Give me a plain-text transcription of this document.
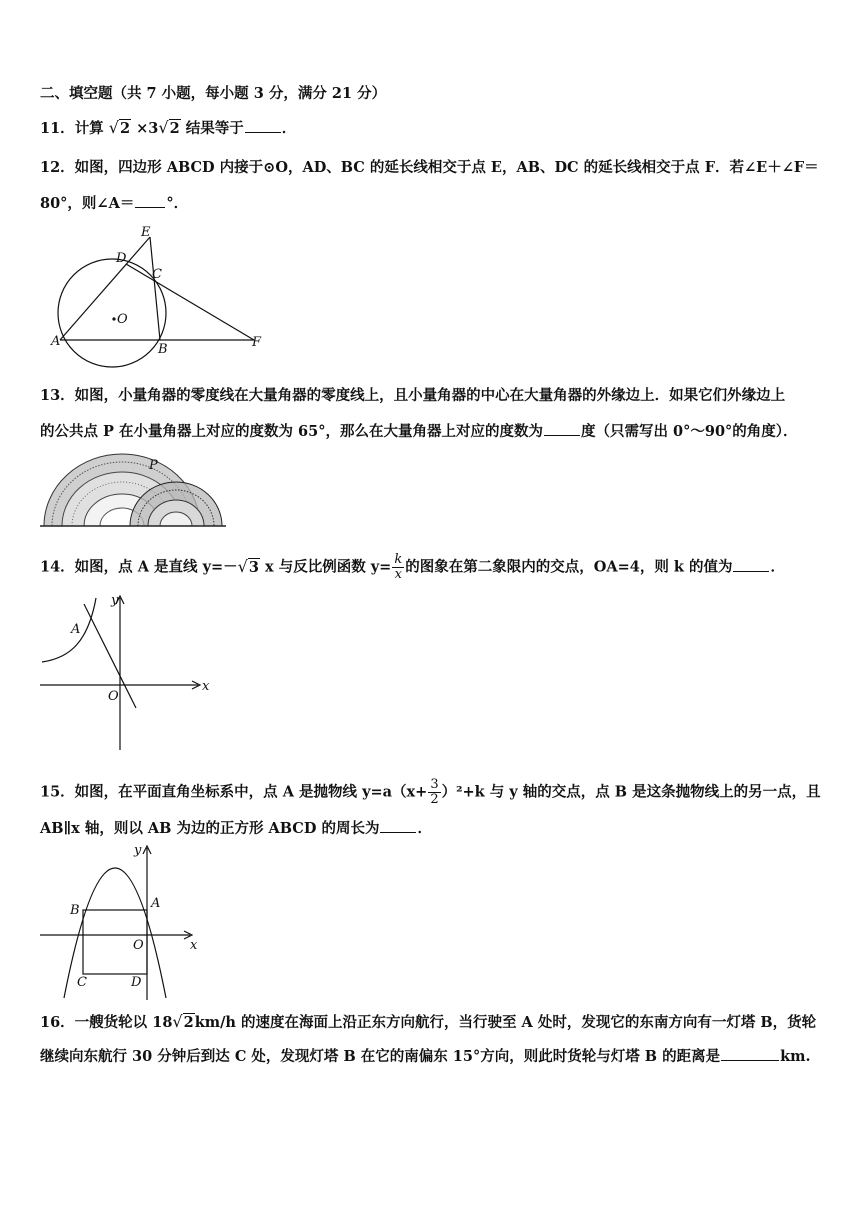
二、填空题（共 7 小题，每小题 3 分，满分 21 分）
11．计算 √2 ×3√2 结果等于	．
12．如图，四边形 ABCD 内接于⊙O，AD、BC 的延长线相交于点 E，AB、DC 的延长线相交于点 F．若∠E＋∠F＝
80°，则∠A＝ °．
E
D
C
O
A
B	F
13．如图，小量角器的零度线在大量角器的零度线上，且小量角器的中心在大量角器的外缘边上．如果它们外缘边上
的公共点 P 在小量角器上对应的度数为 65°，那么在大量角器上对应的度数为	度（只需写出 0°～90°的角度）．
P
14．如图，点 A 是直线 y=－√3 x 与反比例函数 $y= \frac{k}{x}$ 的图象在第二象限内的交点，OA=4，则 k 的值为	．
y
x
A
O
15．如图，在平面直角坐标系中，点 A 是抛物线 $y=a(x+ \frac{3}{2} )^2+k$ 与 y 轴的交点，点 B 是这条抛物线上的另一点，且
AB∥x 轴，则以 AB 为边的正方形 ABCD 的周长为	．
y
x
B	A
O
C	D
16．一艘货轮以 18√2km/h 的速度在海面上沿正东方向航行，当行驶至 A 处时，发现它的东南方向有一灯塔 B，货轮
继续向东航行 30 分钟后到达 C 处，发现灯塔 B 在它的南偏东 15°方向，则此时货轮与灯塔 B 的距离是	km.
